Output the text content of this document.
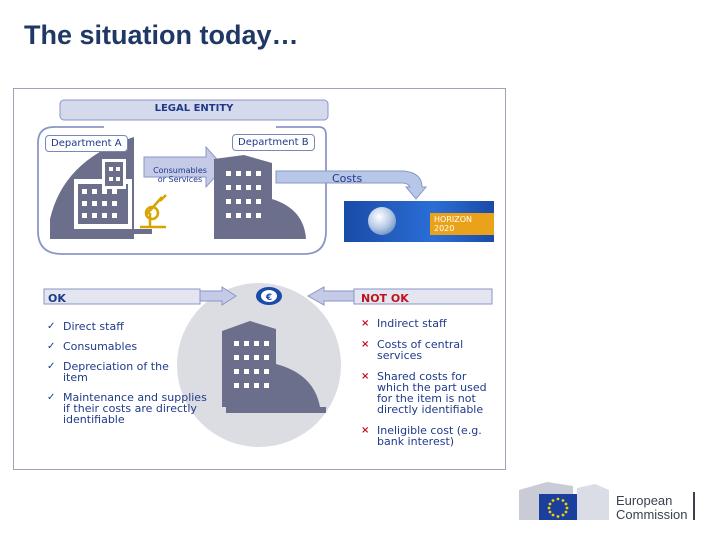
The situation today…
€
LEGAL ENTITY
Department A	Department B
Consumables or Services	Costs
HORIZON 2020
OK	NOT OK
✓ Direct staff
✓ Consumables
✓ Depreciation of the item
✓ Maintenance and supplies if their costs are directly identifiable
× Indirect staff
× Costs of central services
× Shared costs for which the part used for the item is not directly identifiable
× Ineligible cost (e.g. bank interest)
European
Commission
